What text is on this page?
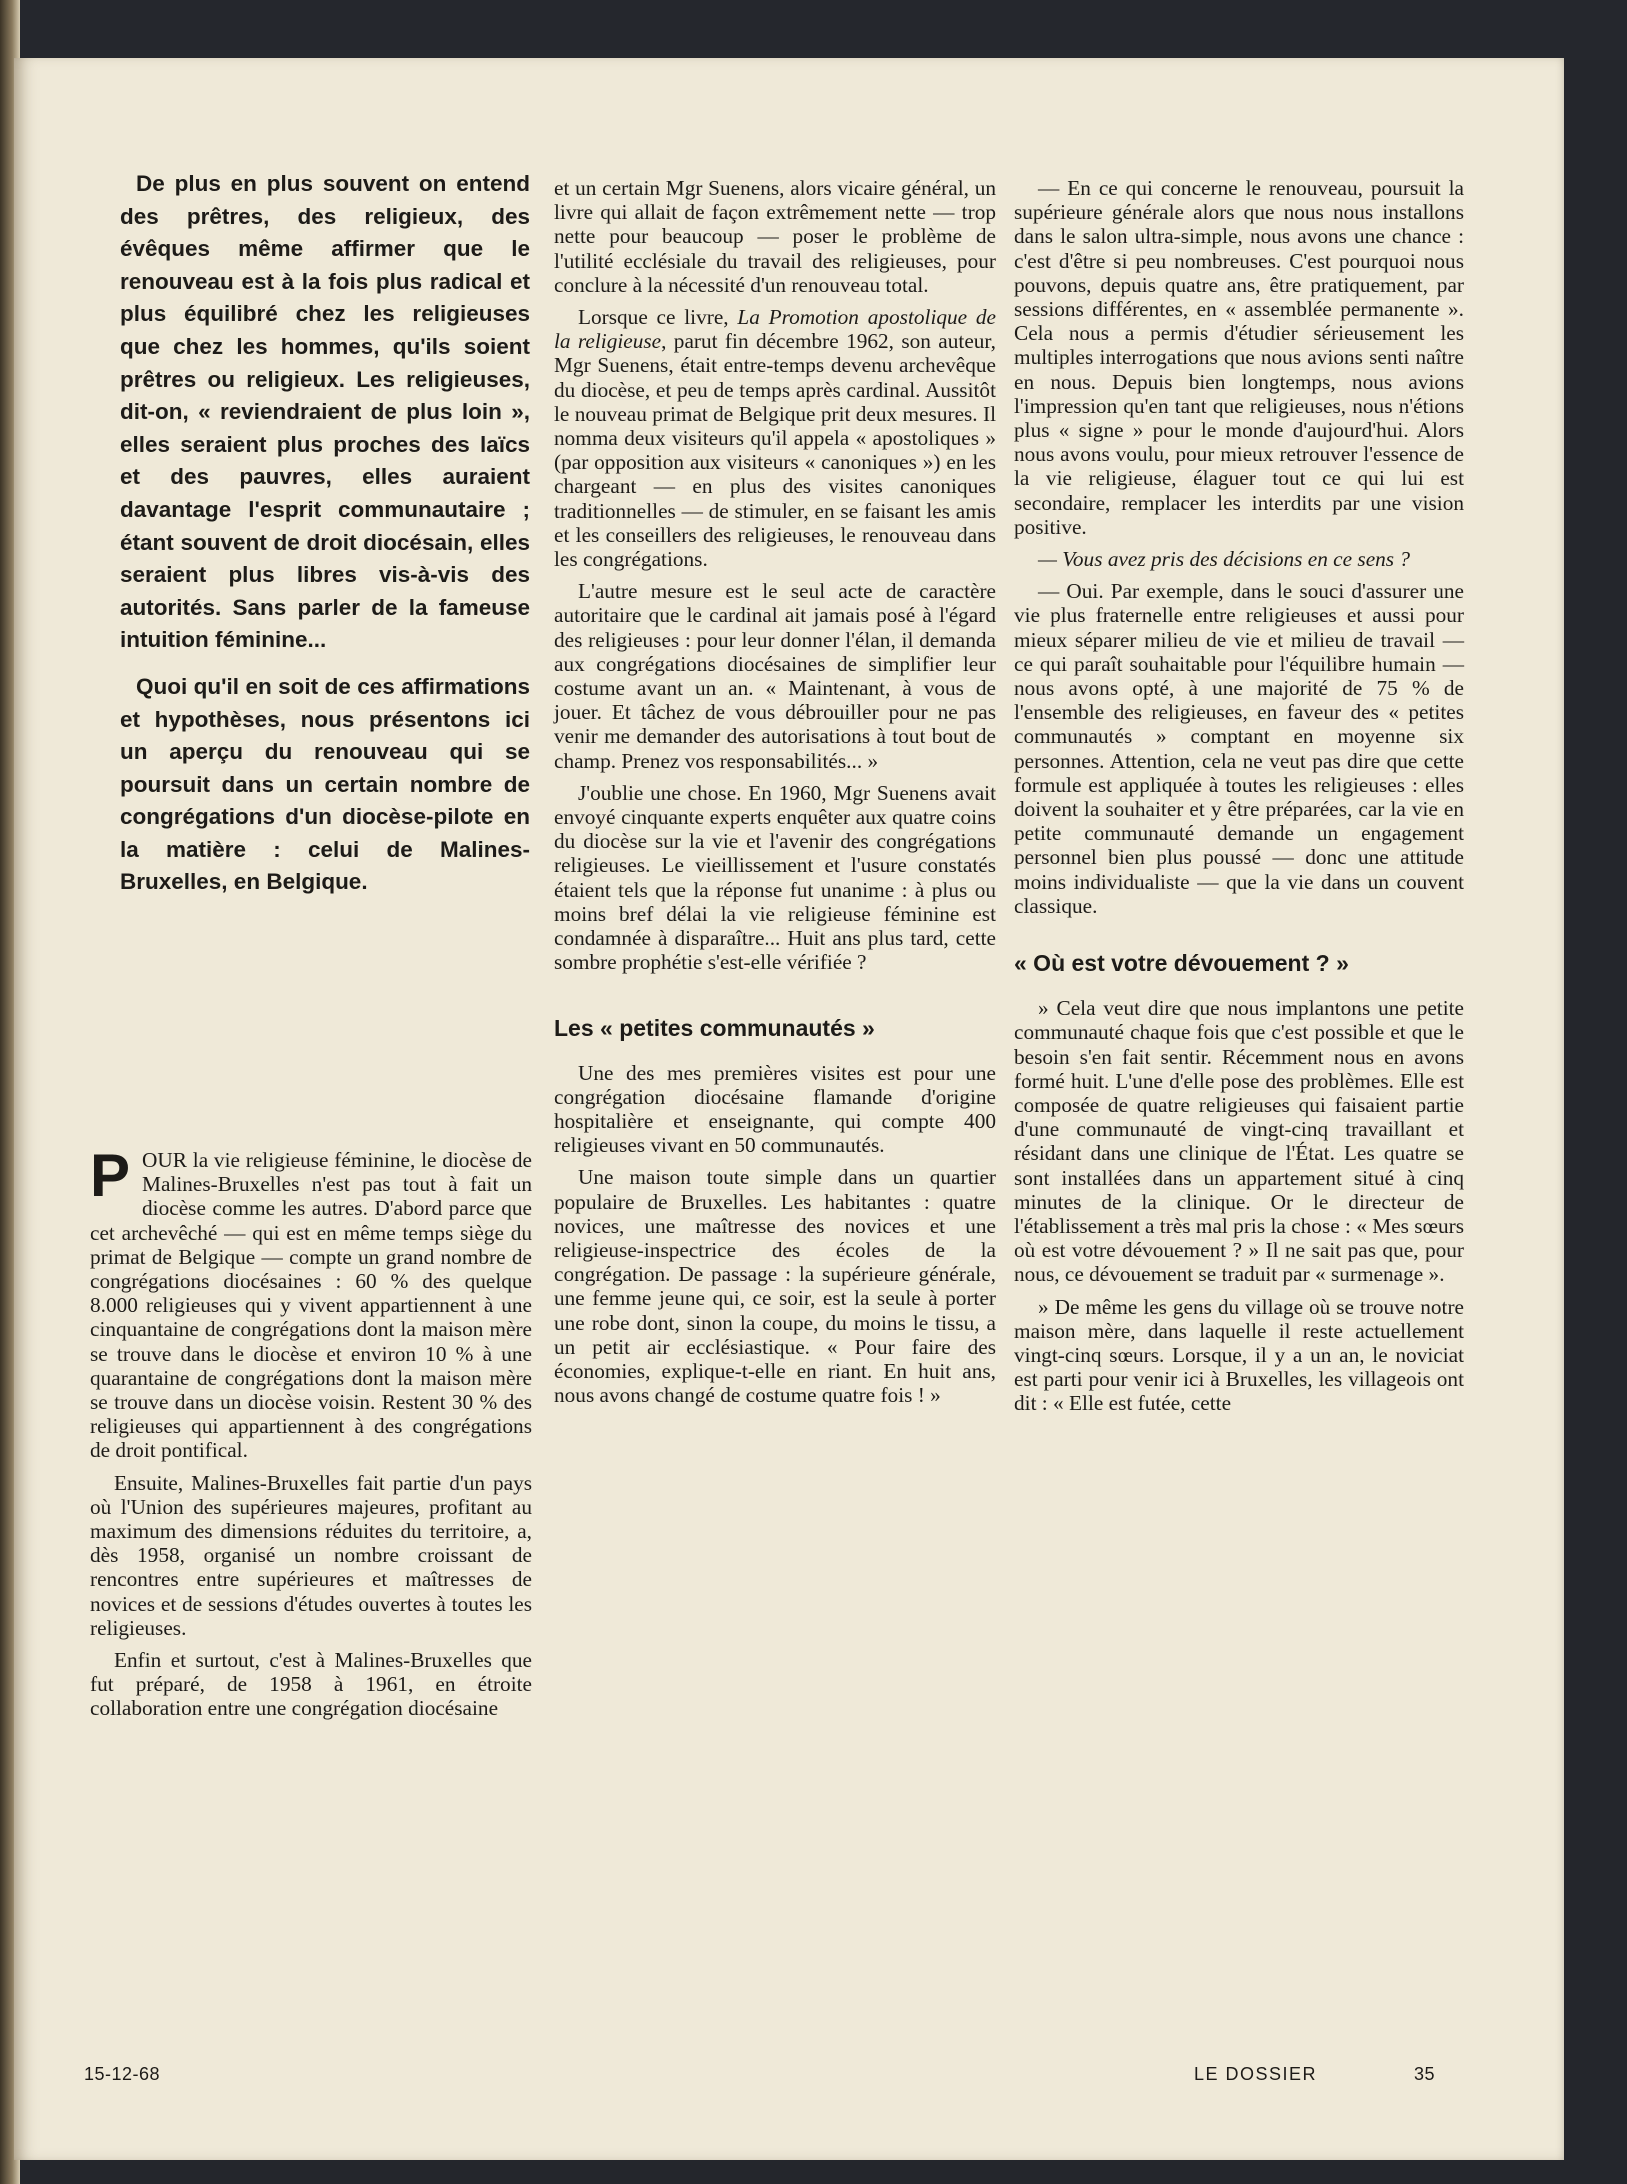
De plus en plus souvent on entend des prêtres, des religieux, des évêques même affirmer que le renouveau est à la fois plus radical et plus équilibré chez les religieuses que chez les hommes, qu'ils soient prêtres ou religieux. Les religieuses, dit-on, « reviendraient de plus loin », elles seraient plus proches des laïcs et des pauvres, elles auraient davantage l'esprit communautaire ; étant souvent de droit diocésain, elles seraient plus libres vis-à-vis des autorités. Sans parler de la fameuse intuition féminine...

Quoi qu'il en soit de ces affirmations et hypothèses, nous présentons ici un aperçu du renouveau qui se poursuit dans un certain nombre de congrégations d'un diocèse-pilote en la matière : celui de Malines-Bruxelles, en Belgique.

POUR la vie religieuse féminine, le diocèse de Malines-Bruxelles n'est pas tout à fait un diocèse comme les autres. D'abord parce que cet archevêché — qui est en même temps siège du primat de Belgique — compte un grand nombre de congrégations diocésaines : 60 % des quelque 8.000 religieuses qui y vivent appartiennent à une cinquantaine de congrégations dont la maison mère se trouve dans le diocèse et environ 10 % à une quarantaine de congrégations dont la maison mère se trouve dans un diocèse voisin. Restent 30 % des religieuses qui appartiennent à des congrégations de droit pontifical.

Ensuite, Malines-Bruxelles fait partie d'un pays où l'Union des supérieures majeures, profitant au maximum des dimensions réduites du territoire, a, dès 1958, organisé un nombre croissant de rencontres entre supérieures et maîtresses de novices et de sessions d'études ouvertes à toutes les religieuses.

Enfin et surtout, c'est à Malines-Bruxelles que fut préparé, de 1958 à 1961, en étroite collaboration entre une congrégation diocésaine

et un certain Mgr Suenens, alors vicaire général, un livre qui allait de façon extrêmement nette — trop nette pour beaucoup — poser le problème de l'utilité ecclésiale du travail des religieuses, pour conclure à la nécessité d'un renouveau total.

Lorsque ce livre, La Promotion apostolique de la religieuse, parut fin décembre 1962, son auteur, Mgr Suenens, était entre-temps devenu archevêque du diocèse, et peu de temps après cardinal. Aussitôt le nouveau primat de Belgique prit deux mesures. Il nomma deux visiteurs qu'il appela « apostoliques » (par opposition aux visiteurs « canoniques ») en les chargeant — en plus des visites canoniques traditionnelles — de stimuler, en se faisant les amis et les conseillers des religieuses, le renouveau dans les congrégations.

L'autre mesure est le seul acte de caractère autoritaire que le cardinal ait jamais posé à l'égard des religieuses : pour leur donner l'élan, il demanda aux congrégations diocésaines de simplifier leur costume avant un an. « Maintenant, à vous de jouer. Et tâchez de vous débrouiller pour ne pas venir me demander des autorisations à tout bout de champ. Prenez vos responsabilités... »

J'oublie une chose. En 1960, Mgr Suenens avait envoyé cinquante experts enquêter aux quatre coins du diocèse sur la vie et l'avenir des congrégations religieuses. Le vieillissement et l'usure constatés étaient tels que la réponse fut unanime : à plus ou moins bref délai la vie religieuse féminine est condamnée à disparaître... Huit ans plus tard, cette sombre prophétie s'est-elle vérifiée ?

Les « petites communautés »

Une des mes premières visites est pour une congrégation diocésaine flamande d'origine hospitalière et enseignante, qui compte 400 religieuses vivant en 50 communautés.

Une maison toute simple dans un quartier populaire de Bruxelles. Les habitantes : quatre novices, une maîtresse des novices et une religieuse-inspectrice des écoles de la congrégation. De passage : la supérieure générale, une femme jeune qui, ce soir, est la seule à porter une robe dont, sinon la coupe, du moins le tissu, a un petit air ecclésiastique. « Pour faire des économies, explique-t-elle en riant. En huit ans, nous avons changé de costume quatre fois ! »

— En ce qui concerne le renouveau, poursuit la supérieure générale alors que nous nous installons dans le salon ultra-simple, nous avons une chance : c'est d'être si peu nombreuses. C'est pourquoi nous pouvons, depuis quatre ans, être pratiquement, par sessions différentes, en « assemblée permanente ». Cela nous a permis d'étudier sérieusement les multiples interrogations que nous avions senti naître en nous. Depuis bien longtemps, nous avions l'impression qu'en tant que religieuses, nous n'étions plus « signe » pour le monde d'aujourd'hui. Alors nous avons voulu, pour mieux retrouver l'essence de la vie religieuse, élaguer tout ce qui lui est secondaire, remplacer les interdits par une vision positive.

— Vous avez pris des décisions en ce sens ?

— Oui. Par exemple, dans le souci d'assurer une vie plus fraternelle entre religieuses et aussi pour mieux séparer milieu de vie et milieu de travail — ce qui paraît souhaitable pour l'équilibre humain — nous avons opté, à une majorité de 75 % de l'ensemble des religieuses, en faveur des « petites communautés » comptant en moyenne six personnes. Attention, cela ne veut pas dire que cette formule est appliquée à toutes les religieuses : elles doivent la souhaiter et y être préparées, car la vie en petite communauté demande un engagement personnel bien plus poussé — donc une attitude moins individualiste — que la vie dans un couvent classique.

« Où est votre dévouement ? »

» Cela veut dire que nous implantons une petite communauté chaque fois que c'est possible et que le besoin s'en fait sentir. Récemment nous en avons formé huit. L'une d'elle pose des problèmes. Elle est composée de quatre religieuses qui faisaient partie d'une communauté de vingt-cinq travaillant et résidant dans une clinique de l'État. Les quatre se sont installées dans un appartement situé à cinq minutes de la clinique. Or le directeur de l'établissement a très mal pris la chose : « Mes sœurs où est votre dévouement ? » Il ne sait pas que, pour nous, ce dévouement se traduit par « surmenage ».

» De même les gens du village où se trouve notre maison mère, dans laquelle il reste actuellement vingt-cinq sœurs. Lorsque, il y a un an, le noviciat est parti pour venir ici à Bruxelles, les villageois ont dit : « Elle est futée, cette

15-12-68	LE DOSSIER	35
